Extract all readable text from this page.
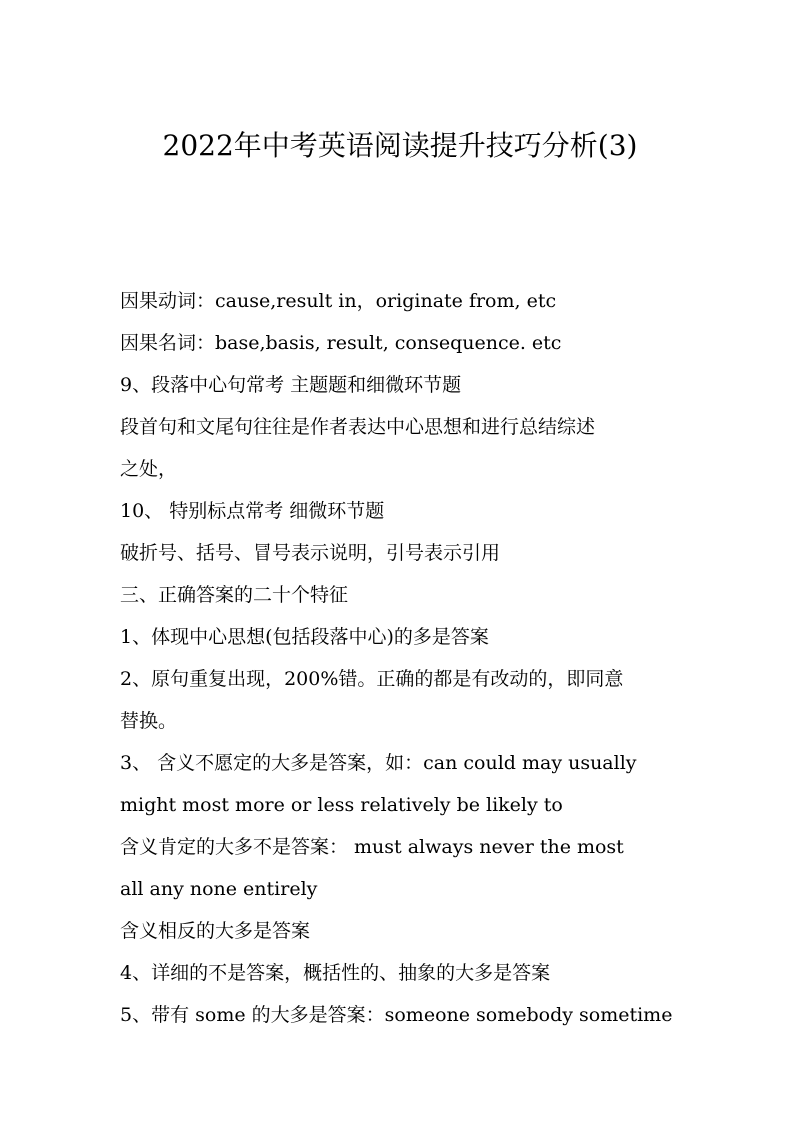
2022年中考英语阅读提升技巧分析(3)
因果动词：cause,result in，originate from, etc
因果名词：base,basis, result, consequence. etc
9、段落中心句常考 主题题和细微环节题
段首句和文尾句往往是作者表达中心思想和进行总结综述
之处，
10、 特别标点常考 细微环节题
破折号、括号、冒号表示说明，引号表示引用
三、正确答案的二十个特征
1、体现中心思想(包括段落中心)的多是答案
2、原句重复出现，200%错。正确的都是有改动的，即同意
替换。
3、 含义不愿定的大多是答案，如：can could may usually
might most more or less relatively be likely to
含义肯定的大多不是答案： must always never the most
all any none entirely
含义相反的大多是答案
4、详细的不是答案，概括性的、抽象的大多是答案
5、带有 some 的大多是答案：someone somebody sometime
